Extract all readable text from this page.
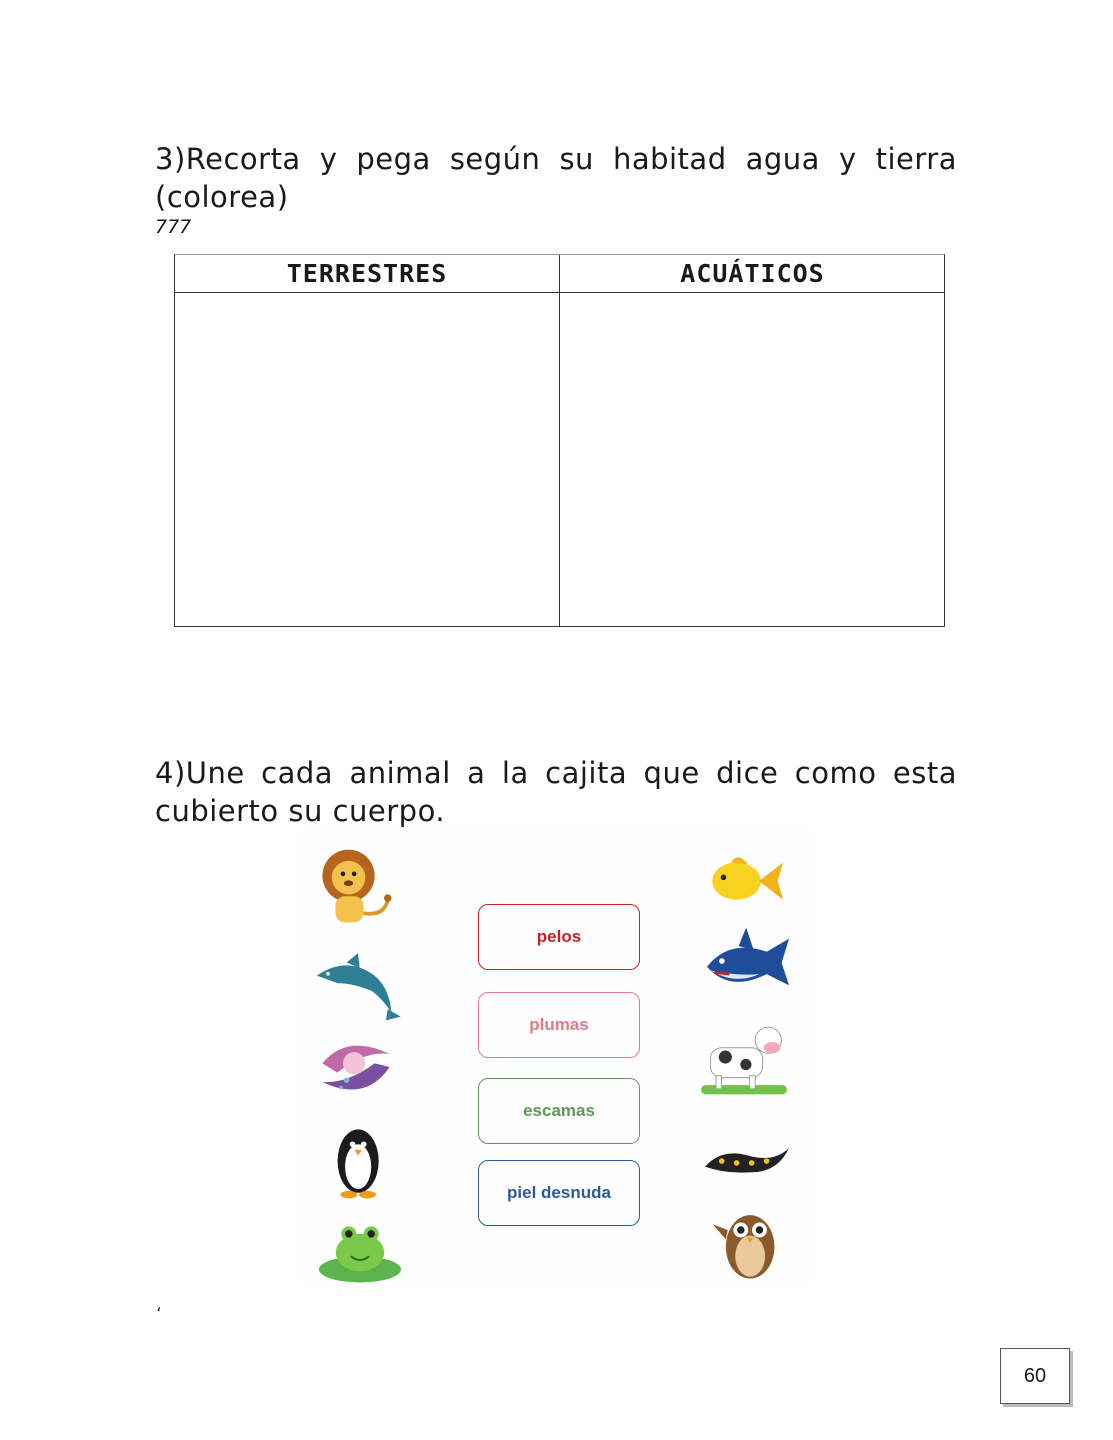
3)Recorta y pega según su habitad agua y tierra (colorea)
777
TERRESTRES	ACUÁTICOS
4)Une cada animal a la cajita que dice como esta cubierto su cuerpo.
pelos
plumas
escamas
piel desnuda
،
60
